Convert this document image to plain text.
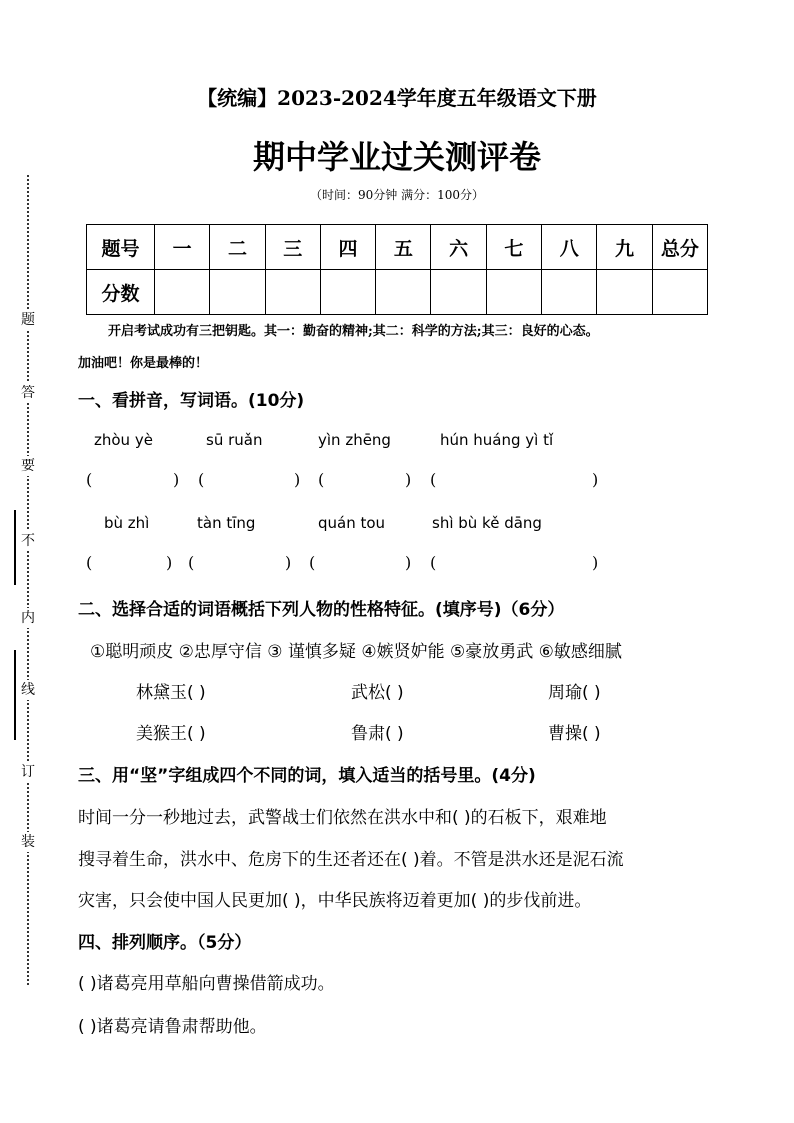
装
订
线
内
不
要
答
题
【统编】2023-2024学年度五年级语文下册
期中学业过关测评卷
（时间：90分钟 满分：100分）
题号	一	二	三	四	五	六	七	八	九	总分
分数										
开启考试成功有三把钥匙。其一：勤奋的精神;其二：科学的方法;其三：良好的心态。
加油吧！你是最棒的！
一、看拼音，写词语。(10分)
zhòu yè	sū ruǎn	yìn zhēng	hún huáng yì tǐ
(	) (	) (	) (	)
bù zhì	tàn tīng	quán tou	shì bù kě dāng
(	) (	) (	) (	)
二、选择合适的词语概括下列人物的性格特征。(填序号)（6分）
①聪明顽皮 ②忠厚守信 ③ 谨慎多疑 ④嫉贤妒能 ⑤豪放勇武 ⑥敏感细腻
林黛玉( )	武松( )	周瑜( )
美猴王( )	鲁肃( )	曹操( )
三、用“坚”字组成四个不同的词，填入适当的括号里。(4分)
时间一分一秒地过去，武警战士们依然在洪水中和( )的石板下，艰难地
搜寻着生命，洪水中、危房下的生还者还在( )着。不管是洪水还是泥石流
灾害，只会使中国人民更加( )，中华民族将迈着更加( )的步伐前进。
四、排列顺序。（5分）
( )诸葛亮用草船向曹操借箭成功。
( )诸葛亮请鲁肃帮助他。
